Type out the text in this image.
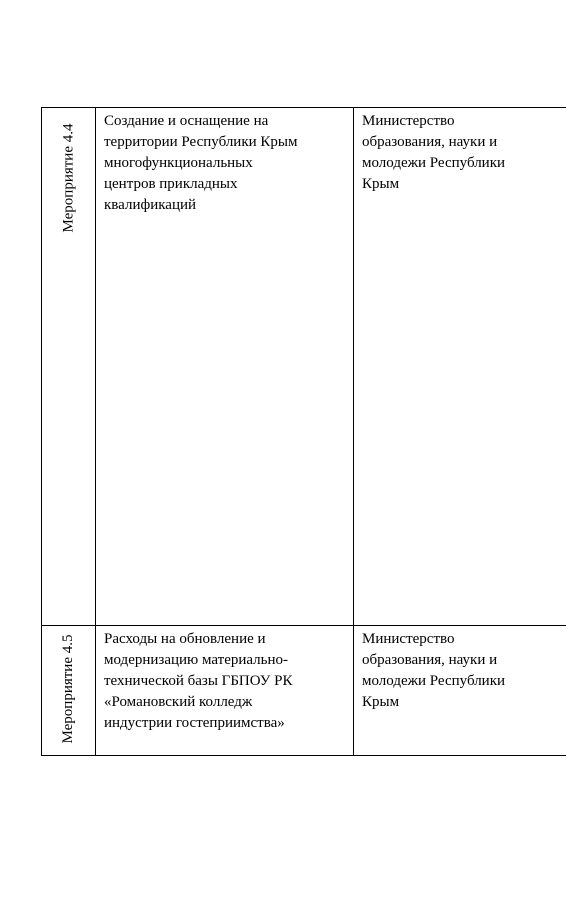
Мероприятие 4.4	Создание и оснащение на
территории Республики Крым
многофункциональных
центров прикладных
квалификаций	Министерство
образования, науки и
молодежи Республики
Крым

Мероприятие 4.5	Расходы на обновление и
модернизацию материально-
технической базы ГБПОУ РК
«Романовский колледж
индустрии гостеприимства»	Министерство
образования, науки и
молодежи Республики
Крым
